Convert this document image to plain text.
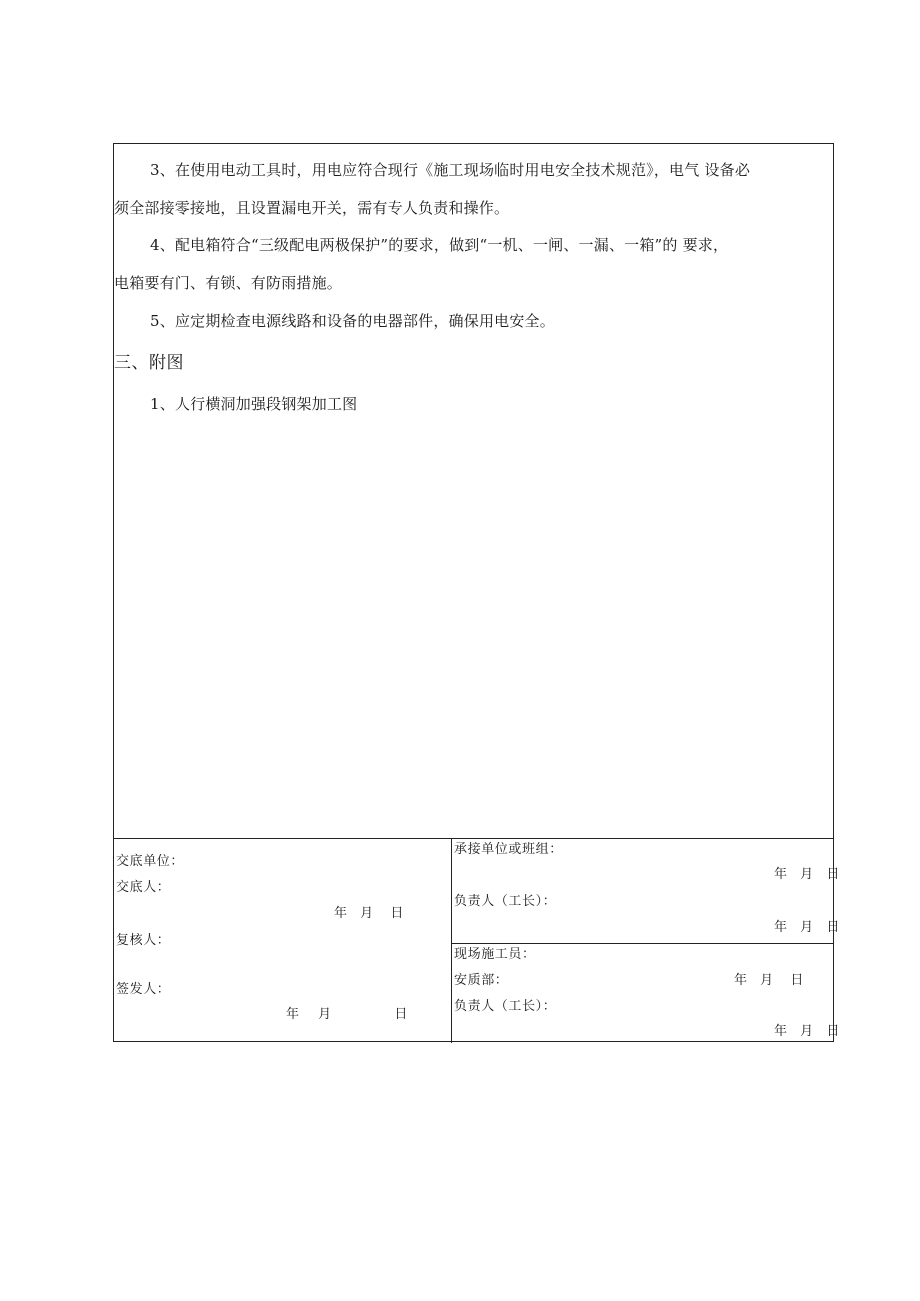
3、在使用电动工具时，用电应符合现行《施工现场临时用电安全技术规范》，电气 设备必
须全部接零接地，且设置漏电开关，需有专人负责和操作。
4、配电箱符合“三级配电两极保护”的要求，做到“一机、一闸、一漏、一箱”的 要求，
电箱要有门、有锁、有防雨措施。
5、应定期检查电源线路和设备的电器部件，确保用电安全。
三、附图
1、人行横洞加强段钢架加工图
交底单位：
交底人：
年 月 日
复核人：
签发人：
年 月	日
承接单位或班组：
年 月 日
负责人（工长）：
年 月 日
现场施工员：
安质部：	年 月 日
负责人（工长）：
年 月 日
